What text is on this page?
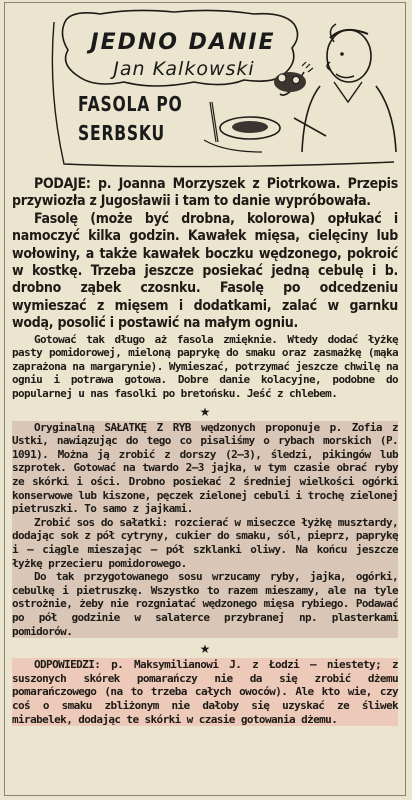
JEDNO DANIE
Jan Kalkowski
FASOLA PO
SERBSKU

PODAJE: p. Joanna Morzyszek z Piotrkowa. Przepis przywiozła z Jugosławii i tam to danie wypróbowała.

Fasolę (może być drobna, kolorowa) opłukać i namoczyć kilka godzin. Kawałek mięsa, cielęciny lub wołowiny, a także kawałek boczku wędzonego, pokroić w kostkę. Trzeba jeszcze posiekać jedną cebulę i b. drobno ząbek czosnku. Fasolę po odcedzeniu wymieszać z mięsem i dodatkami, zalać w garnku wodą, posolić i postawić na małym ogniu.

Gotować tak długo aż fasola zmięknie. Wtedy dodać łyżkę pasty pomidorowej, mieloną paprykę do smaku oraz zasmażkę (mąka zaprażona na margarynie). Wymieszać, potrzymać jeszcze chwilę na ogniu i potrawa gotowa. Dobre danie kolacyjne, podobne do popularnej u nas fasolki po bretońsku. Jeść z chlebem.

★

Oryginalną SAŁATKĘ Z RYB wędzonych proponuje p. Zofia z Ustki, nawiązując do tego co pisaliśmy o rybach morskich (P. 1091). Można ją zrobić z dorszy (2—3), śledzi, pikingów lub szprotek. Gotować na twardo 2—3 jajka, w tym czasie obrać ryby ze skórki i ości. Drobno posiekać 2 średniej wielkości ogórki konserwowe lub kiszone, pęczek zielonej cebuli i trochę zielonej pietruszki. To samo z jajkami.

Zrobić sos do sałatki: rozcierać w miseczce łyżkę musztardy, dodając sok z pół cytryny, cukier do smaku, sól, pieprz, paprykę i — ciągle mieszając — pół szklanki oliwy. Na końcu jeszcze łyżkę przecieru pomidorowego.

Do tak przygotowanego sosu wrzucamy ryby, jajka, ogórki, cebulkę i pietruszkę. Wszystko to razem mieszamy, ale na tyle ostrożnie, żeby nie rozgniatać wędzonego mięsa rybiego. Podawać po pół godzinie w salaterce przybranej np. plasterkami pomidorów.

★

ODPOWIEDZI: p. Maksymilianowi J. z Łodzi — niestety; z suszonych skórek pomarańczy nie da się zrobić dżemu pomarańczowego (na to trzeba całych owoców). Ale kto wie, czy coś o smaku zbliżonym nie dałoby się uzyskać ze śliwek mirabelek, dodając te skórki w czasie gotowania dżemu.
